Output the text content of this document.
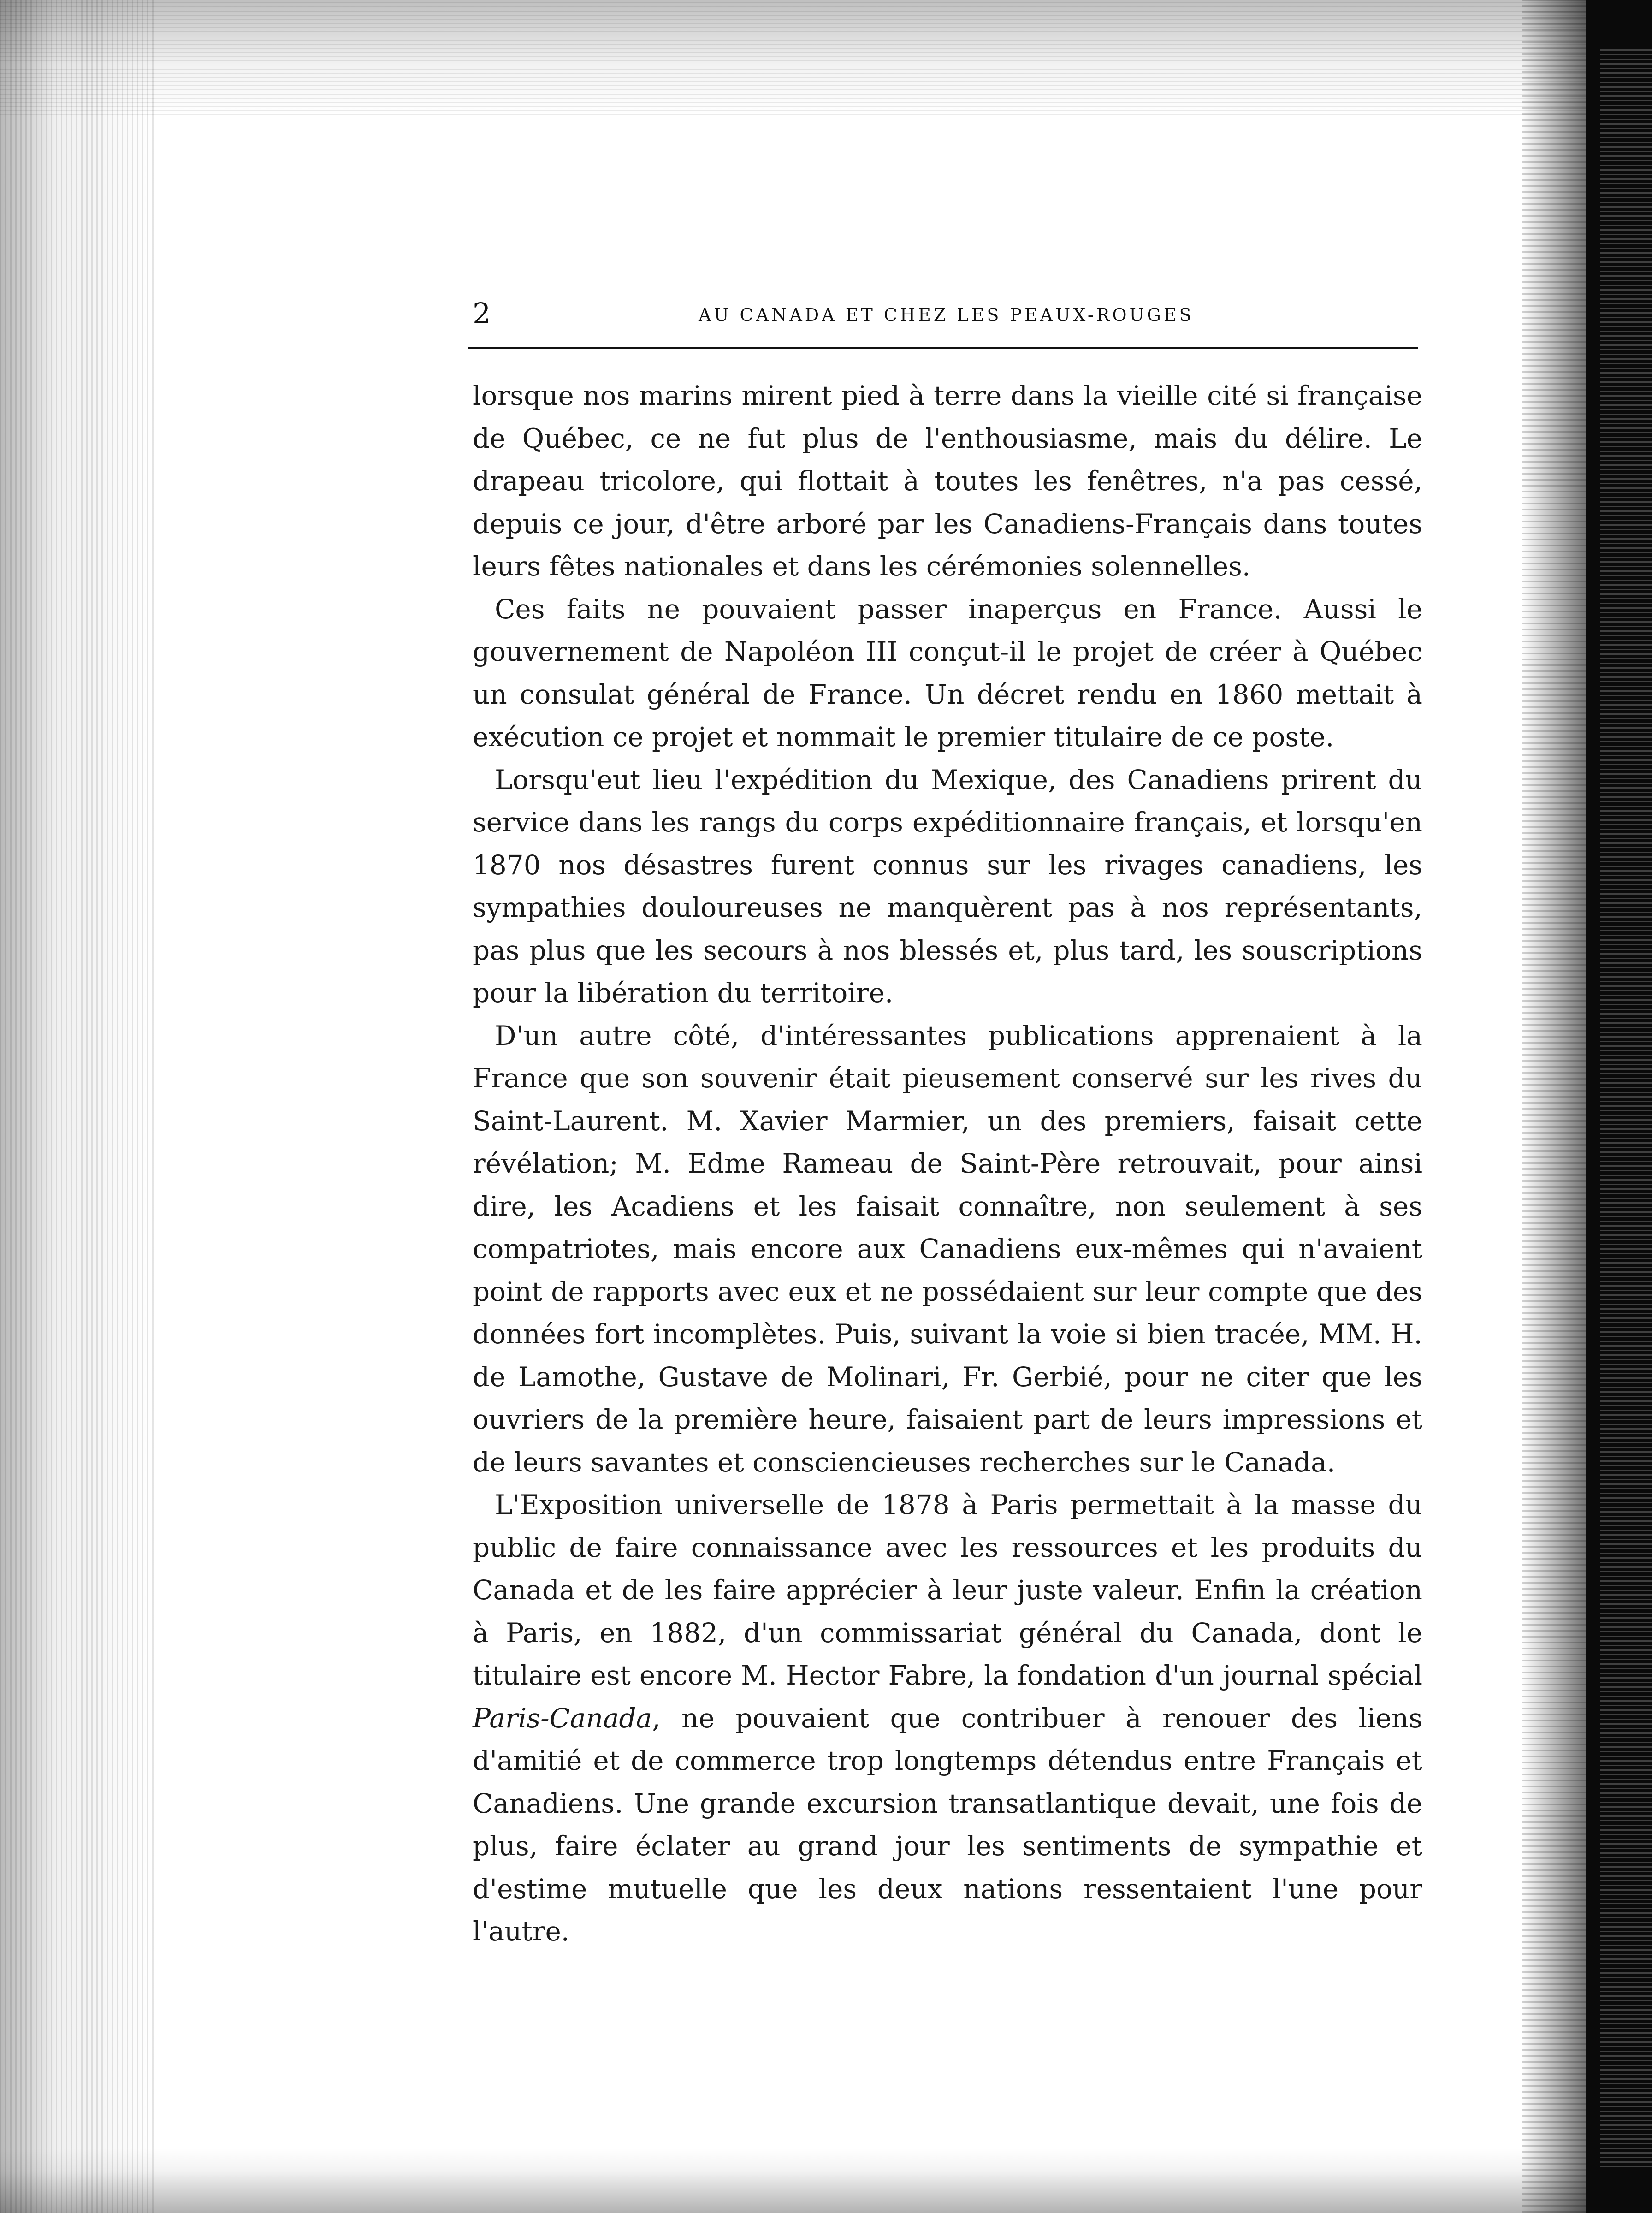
2	AU CANADA ET CHEZ LES PEAUX-ROUGES

lorsque nos marins mirent pied à terre dans la vieille cité si française de Québec, ce ne fut plus de l'enthousiasme, mais du délire. Le drapeau tricolore, qui flottait à toutes les fenêtres, n'a pas cessé, depuis ce jour, d'être arboré par les Canadiens-Français dans toutes leurs fêtes nationales et dans les cérémonies solennelles.

Ces faits ne pouvaient passer inaperçus en France. Aussi le gouvernement de Napoléon III conçut-il le projet de créer à Québec un consulat général de France. Un décret rendu en 1860 mettait à exécution ce projet et nommait le premier titulaire de ce poste.

Lorsqu'eut lieu l'expédition du Mexique, des Canadiens prirent du service dans les rangs du corps expéditionnaire français, et lorsqu'en 1870 nos désastres furent connus sur les rivages canadiens, les sympathies douloureuses ne manquèrent pas à nos représentants, pas plus que les secours à nos blessés et, plus tard, les souscriptions pour la libération du territoire.

D'un autre côté, d'intéressantes publications apprenaient à la France que son souvenir était pieusement conservé sur les rives du Saint-Laurent. M. Xavier Marmier, un des premiers, faisait cette révélation; M. Edme Rameau de Saint-Père retrouvait, pour ainsi dire, les Acadiens et les faisait connaître, non seulement à ses compatriotes, mais encore aux Canadiens eux-mêmes qui n'avaient point de rapports avec eux et ne possédaient sur leur compte que des données fort incomplètes. Puis, suivant la voie si bien tracée, MM. H. de Lamothe, Gustave de Molinari, Fr. Gerbié, pour ne citer que les ouvriers de la première heure, faisaient part de leurs impressions et de leurs savantes et consciencieuses recherches sur le Canada.

L'Exposition universelle de 1878 à Paris permettait à la masse du public de faire connaissance avec les ressources et les produits du Canada et de les faire apprécier à leur juste valeur. Enfin la création à Paris, en 1882, d'un commissariat général du Canada, dont le titulaire est encore M. Hector Fabre, la fondation d'un journal spécial Paris-Canada, ne pouvaient que contribuer à renouer des liens d'amitié et de commerce trop longtemps détendus entre Français et Canadiens. Une grande excursion transatlantique devait, une fois de plus, faire éclater au grand jour les sentiments de sympathie et d'estime mutuelle que les deux nations ressentaient l'une pour l'autre.
